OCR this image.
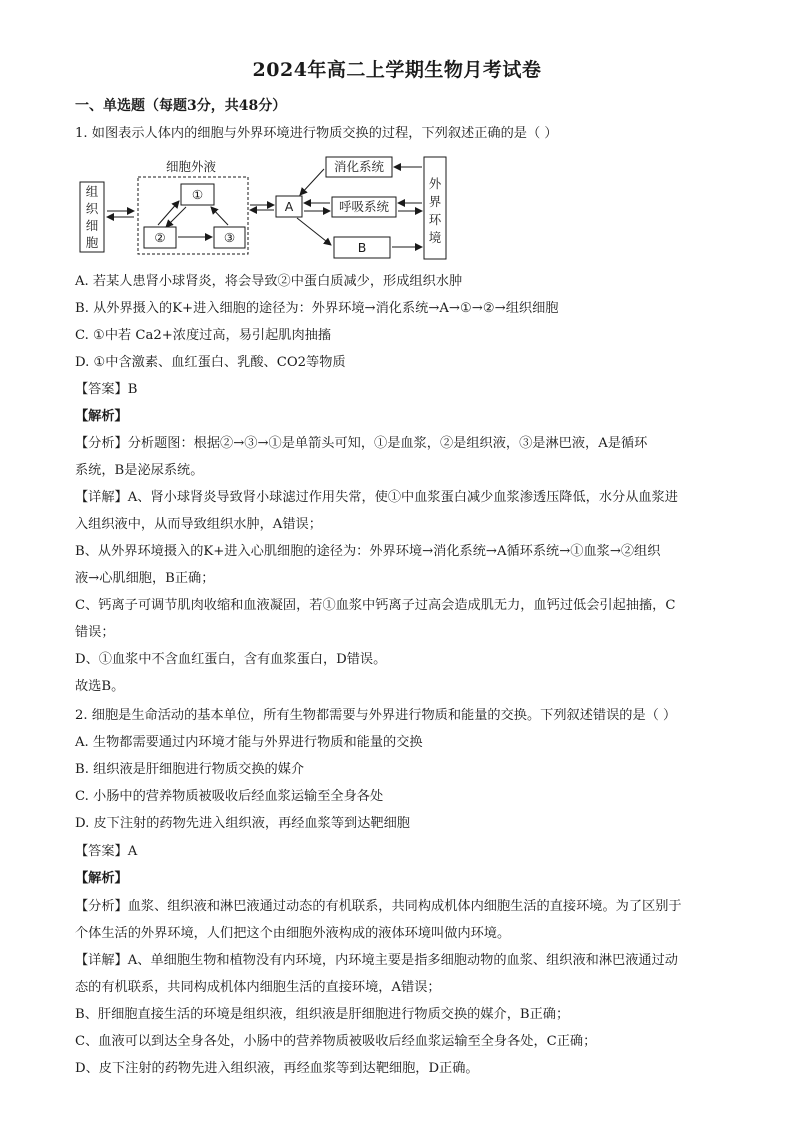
2024年高二上学期生物月考试卷
一、单选题（每题3分，共48分）
1. 如图表示人体内的细胞与外界环境进行物质交换的过程，下列叙述正确的是（ ）
组
织
细
胞
细胞外液
①
②	③
A
消化系统
呼吸系统
B
外
界
环
境
A. 若某人患肾小球肾炎，将会导致②中蛋白质减少，形成组织水肿
B. 从外界摄入的K+进入细胞的途径为：外界环境→消化系统→A→①→②→组织细胞
C. ①中若 Ca2+浓度过高，易引起肌肉抽搐
D. ①中含激素、血红蛋白、乳酸、CO2等物质
【答案】B
【解析】
【分析】分析题图：根据②→③→①是单箭头可知，①是血浆，②是组织液，③是淋巴液，A是循环
系统，B是泌尿系统。
【详解】A、肾小球肾炎导致肾小球滤过作用失常，使①中血浆蛋白减少血浆渗透压降低，水分从血浆进
入组织液中，从而导致组织水肿，A错误；
B、从外界环境摄入的K+进入心肌细胞的途径为：外界环境→消化系统→A循环系统→①血浆→②组织
液→心肌细胞，B正确；
C、钙离子可调节肌肉收缩和血液凝固，若①血浆中钙离子过高会造成肌无力，血钙过低会引起抽搐，C
错误；
D、①血浆中不含血红蛋白，含有血浆蛋白，D错误。
故选B。
2. 细胞是生命活动的基本单位，所有生物都需要与外界进行物质和能量的交换。下列叙述错误的是（ ）
A. 生物都需要通过内环境才能与外界进行物质和能量的交换
B. 组织液是肝细胞进行物质交换的媒介
C. 小肠中的营养物质被吸收后经血浆运输至全身各处
D. 皮下注射的药物先进入组织液，再经血浆等到达靶细胞
【答案】A
【解析】
【分析】血浆、组织液和淋巴液通过动态的有机联系，共同构成机体内细胞生活的直接环境。为了区别于
个体生活的外界环境，人们把这个由细胞外液构成的液体环境叫做内环境。
【详解】A、单细胞生物和植物没有内环境，内环境主要是指多细胞动物的血浆、组织液和淋巴液通过动
态的有机联系，共同构成机体内细胞生活的直接环境，A错误；
B、肝细胞直接生活的环境是组织液，组织液是肝细胞进行物质交换的媒介，B正确；
C、血液可以到达全身各处，小肠中的营养物质被吸收后经血浆运输至全身各处，C正确；
D、皮下注射的药物先进入组织液，再经血浆等到达靶细胞，D正确。
